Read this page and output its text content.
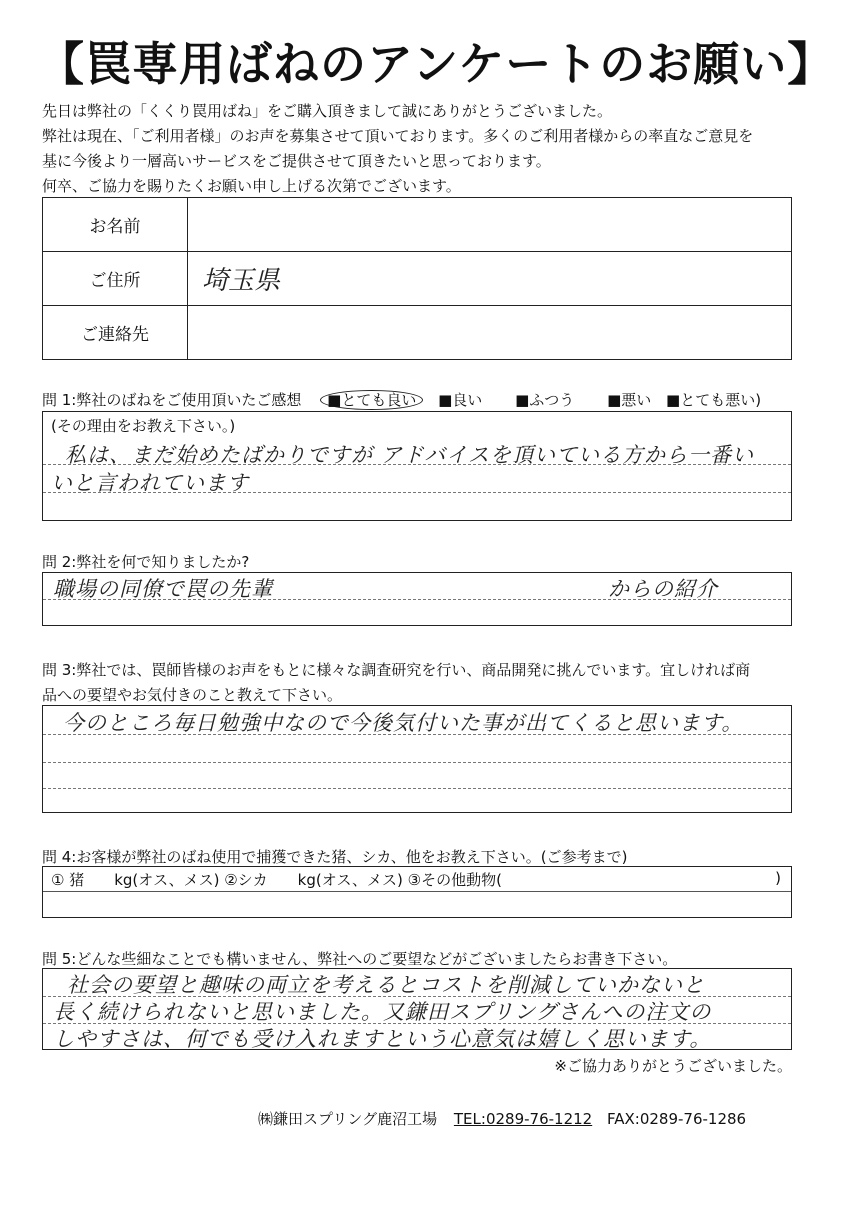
【罠専用ばねのアンケートのお願い】
先日は弊社の「くくり罠用ばね」をご購入頂きまして誠にありがとうございました。
弊社は現在、「ご利用者様」のお声を募集させて頂いております。多くのご利用者様からの率直なご意見を
基に今後より一層高いサービスをご提供させて頂きたいと思っております。
何卒、ご協力を賜りたくお願い申し上げる次第でございます。
お名前	
ご住所	埼玉県
ご連絡先	
問 1:弊社のばねをご使用頂いたご感想 ■とても良い ■良い ■ふつう ■悪い ■とても悪い)
(その理由をお教え下さい。)
私は、まだ始めたばかりですが アドバイスを頂いている方から一番い
いと言われています
問 2:弊社を何で知りましたか?
職場の同僚で罠の先輩	からの紹介
問 3:弊社では、罠師皆様のお声をもとに様々な調査研究を行い、商品開発に挑んでいます。宜しければ商
品への要望やお気付きのこと教えて下さい。
今のところ毎日勉強中なので今後気付いた事が出てくると思います。
問 4:お客様が弊社のばね使用で捕獲できた猪、シカ、他をお教え下さい。(ご参考まで)
① 猪　　kg(オス、メス) ②シカ　　kg(オス、メス) ③その他動物(	)
問 5:どんな些細なことでも構いません、弊社へのご要望などがございましたらお書き下さい。
社会の要望と趣味の両立を考えるとコストを削減していかないと
長く続けられないと思いました。又鎌田スプリングさんへの注文の
しやすさは、何でも受け入れますという心意気は嬉しく思います。
※ご協力ありがとうございました。
㈱鎌田スプリング鹿沼工場 TEL:0289-76-1212 FAX:0289-76-1286
